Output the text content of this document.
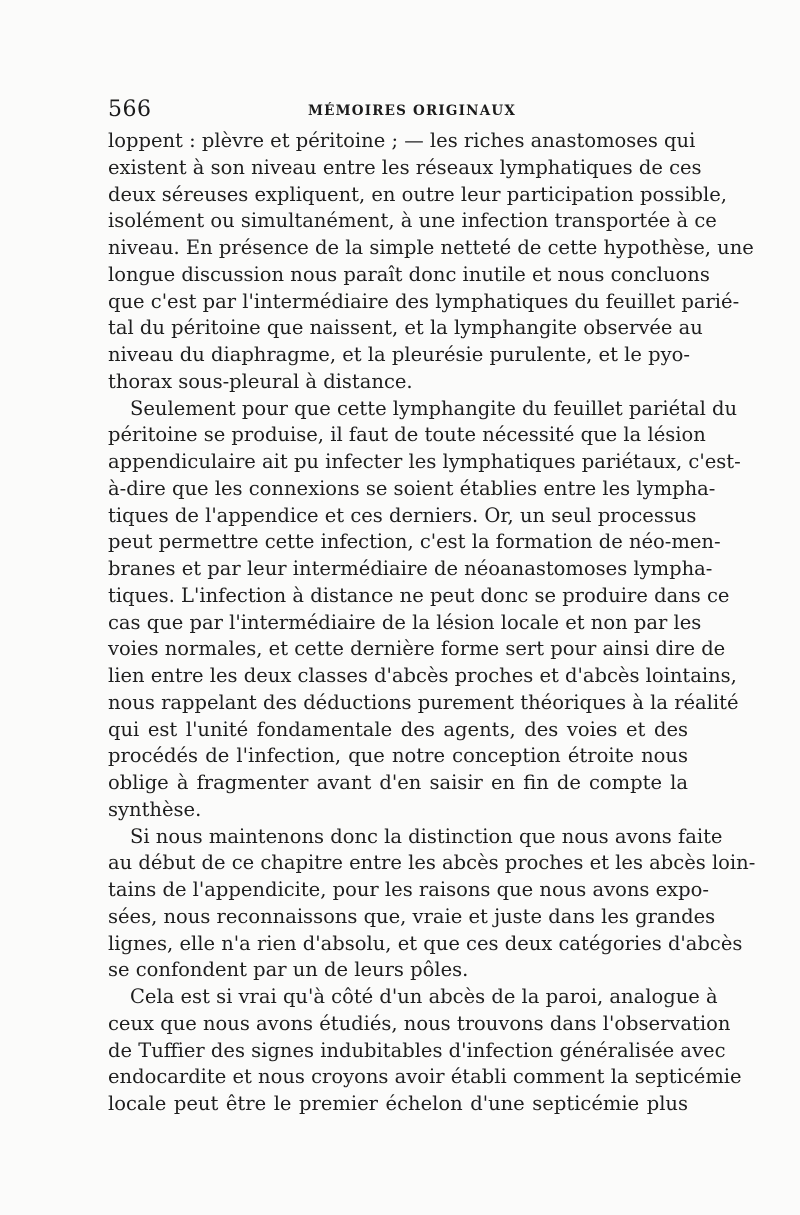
566	MÉMOIRES ORIGINAUX
loppent : plèvre et péritoine ; — les riches anastomoses qui
existent à son niveau entre les réseaux lymphatiques de ces
deux séreuses expliquent, en outre leur participation possible,
isolément ou simultanément, à une infection transportée à ce
niveau. En présence de la simple netteté de cette hypothèse, une
longue discussion nous paraît donc inutile et nous concluons
que c'est par l'intermédiaire des lymphatiques du feuillet parié-
tal du péritoine que naissent, et la lymphangite observée au
niveau du diaphragme, et la pleurésie purulente, et le pyo-
thorax sous-pleural à distance.
Seulement pour que cette lymphangite du feuillet pariétal du
péritoine se produise, il faut de toute nécessité que la lésion
appendiculaire ait pu infecter les lymphatiques pariétaux, c'est-
à-dire que les connexions se soient établies entre les lympha-
tiques de l'appendice et ces derniers. Or, un seul processus
peut permettre cette infection, c'est la formation de néo-men-
branes et par leur intermédiaire de néoanastomoses lympha-
tiques. L'infection à distance ne peut donc se produire dans ce
cas que par l'intermédiaire de la lésion locale et non par les
voies normales, et cette dernière forme sert pour ainsi dire de
lien entre les deux classes d'abcès proches et d'abcès lointains,
nous rappelant des déductions purement théoriques à la réalité
qui est l'unité fondamentale des agents, des voies et des
procédés de l'infection, que notre conception étroite nous
oblige à fragmenter avant d'en saisir en fin de compte la
synthèse.
Si nous maintenons donc la distinction que nous avons faite
au début de ce chapitre entre les abcès proches et les abcès loin-
tains de l'appendicite, pour les raisons que nous avons expo-
sées, nous reconnaissons que, vraie et juste dans les grandes
lignes, elle n'a rien d'absolu, et que ces deux catégories d'abcès
se confondent par un de leurs pôles.
Cela est si vrai qu'à côté d'un abcès de la paroi, analogue à
ceux que nous avons étudiés, nous trouvons dans l'observation
de Tuffier des signes indubitables d'infection généralisée avec
endocardite et nous croyons avoir établi comment la septicémie
locale peut être le premier échelon d'une septicémie plus
